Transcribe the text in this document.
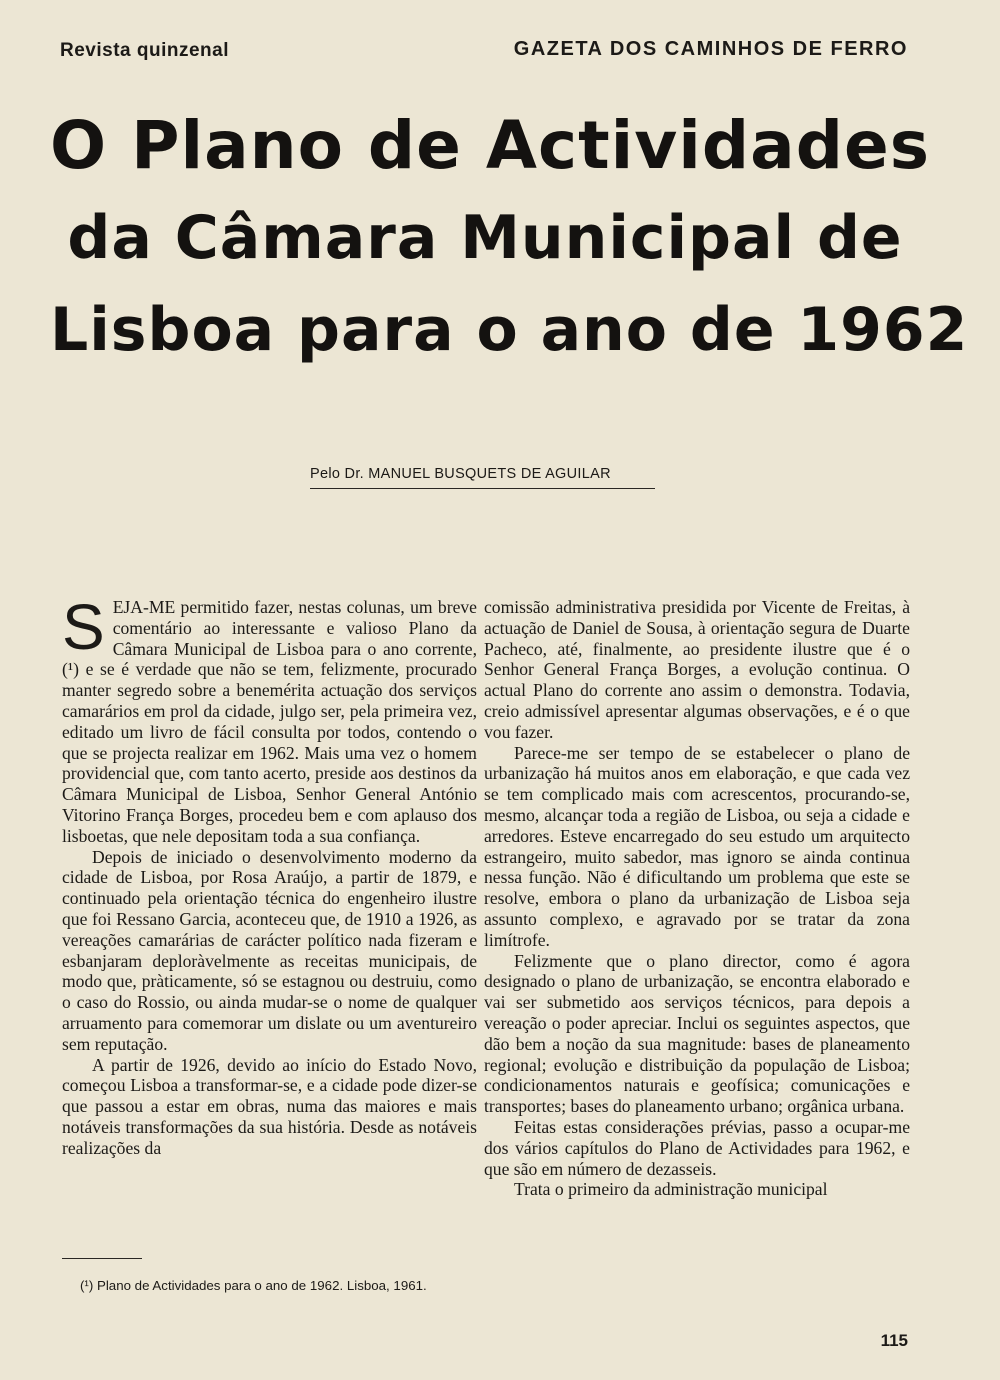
Revista quinzenal	GAZETA DOS CAMINHOS DE FERRO
O Plano de Actividades
da Câmara Municipal de
Lisboa para o ano de 1962
Pelo Dr. MANUEL BUSQUETS DE AGUILAR

SEJA-ME permitido fazer, nestas colunas, um breve comentário ao interessante e valioso Plano da Câmara Municipal de Lisboa para o ano corrente, (¹) e se é verdade que não se tem, felizmente, procurado manter segredo sobre a benemérita actuação dos serviços camarários em prol da cidade, julgo ser, pela primeira vez, editado um livro de fácil consulta por todos, contendo o que se projecta realizar em 1962. Mais uma vez o homem providencial que, com tanto acerto, preside aos destinos da Câmara Municipal de Lisboa, Senhor General António Vitorino França Borges, procedeu bem e com aplauso dos lisboetas, que nele depositam toda a sua confiança.

Depois de iniciado o desenvolvimento moderno da cidade de Lisboa, por Rosa Araújo, a partir de 1879, e continuado pela orientação técnica do engenheiro ilustre que foi Ressano Garcia, aconteceu que, de 1910 a 1926, as vereações camarárias de carácter político nada fizeram e esbanjaram deploràvelmente as receitas municipais, de modo que, pràticamente, só se estagnou ou destruiu, como o caso do Rossio, ou ainda mudar-se o nome de qualquer arruamento para comemorar um dislate ou um aventureiro sem reputação.

A partir de 1926, devido ao início do Estado Novo, começou Lisboa a transformar-se, e a cidade pode dizer-se que passou a estar em obras, numa das maiores e mais notáveis transformações da sua história. Desde as notáveis realizações da

comissão administrativa presidida por Vicente de Freitas, à actuação de Daniel de Sousa, à orientação segura de Duarte Pacheco, até, finalmente, ao presidente ilustre que é o Senhor General França Borges, a evolução continua. O actual Plano do corrente ano assim o demonstra. Todavia, creio admissível apresentar algumas observações, e é o que vou fazer.

Parece-me ser tempo de se estabelecer o plano de urbanização há muitos anos em elaboração, e que cada vez se tem complicado mais com acrescentos, procurando-se, mesmo, alcançar toda a região de Lisboa, ou seja a cidade e arredores. Esteve encarregado do seu estudo um arquitecto estrangeiro, muito sabedor, mas ignoro se ainda continua nessa função. Não é dificultando um problema que este se resolve, embora o plano da urbanização de Lisboa seja assunto complexo, e agravado por se tratar da zona limítrofe.

Felizmente que o plano director, como é agora designado o plano de urbanização, se encontra elaborado e vai ser submetido aos serviços técnicos, para depois a vereação o poder apreciar. Inclui os seguintes aspectos, que dão bem a noção da sua magnitude: bases de planeamento regional; evolução e distribuição da população de Lisboa; condicionamentos naturais e geofísica; comunicações e transportes; bases do planeamento urbano; orgânica urbana.

Feitas estas considerações prévias, passo a ocupar-me dos vários capítulos do Plano de Actividades para 1962, e que são em número de dezasseis.

Trata o primeiro da administração municipal

(¹) Plano de Actividades para o ano de 1962. Lisboa, 1961.
115
